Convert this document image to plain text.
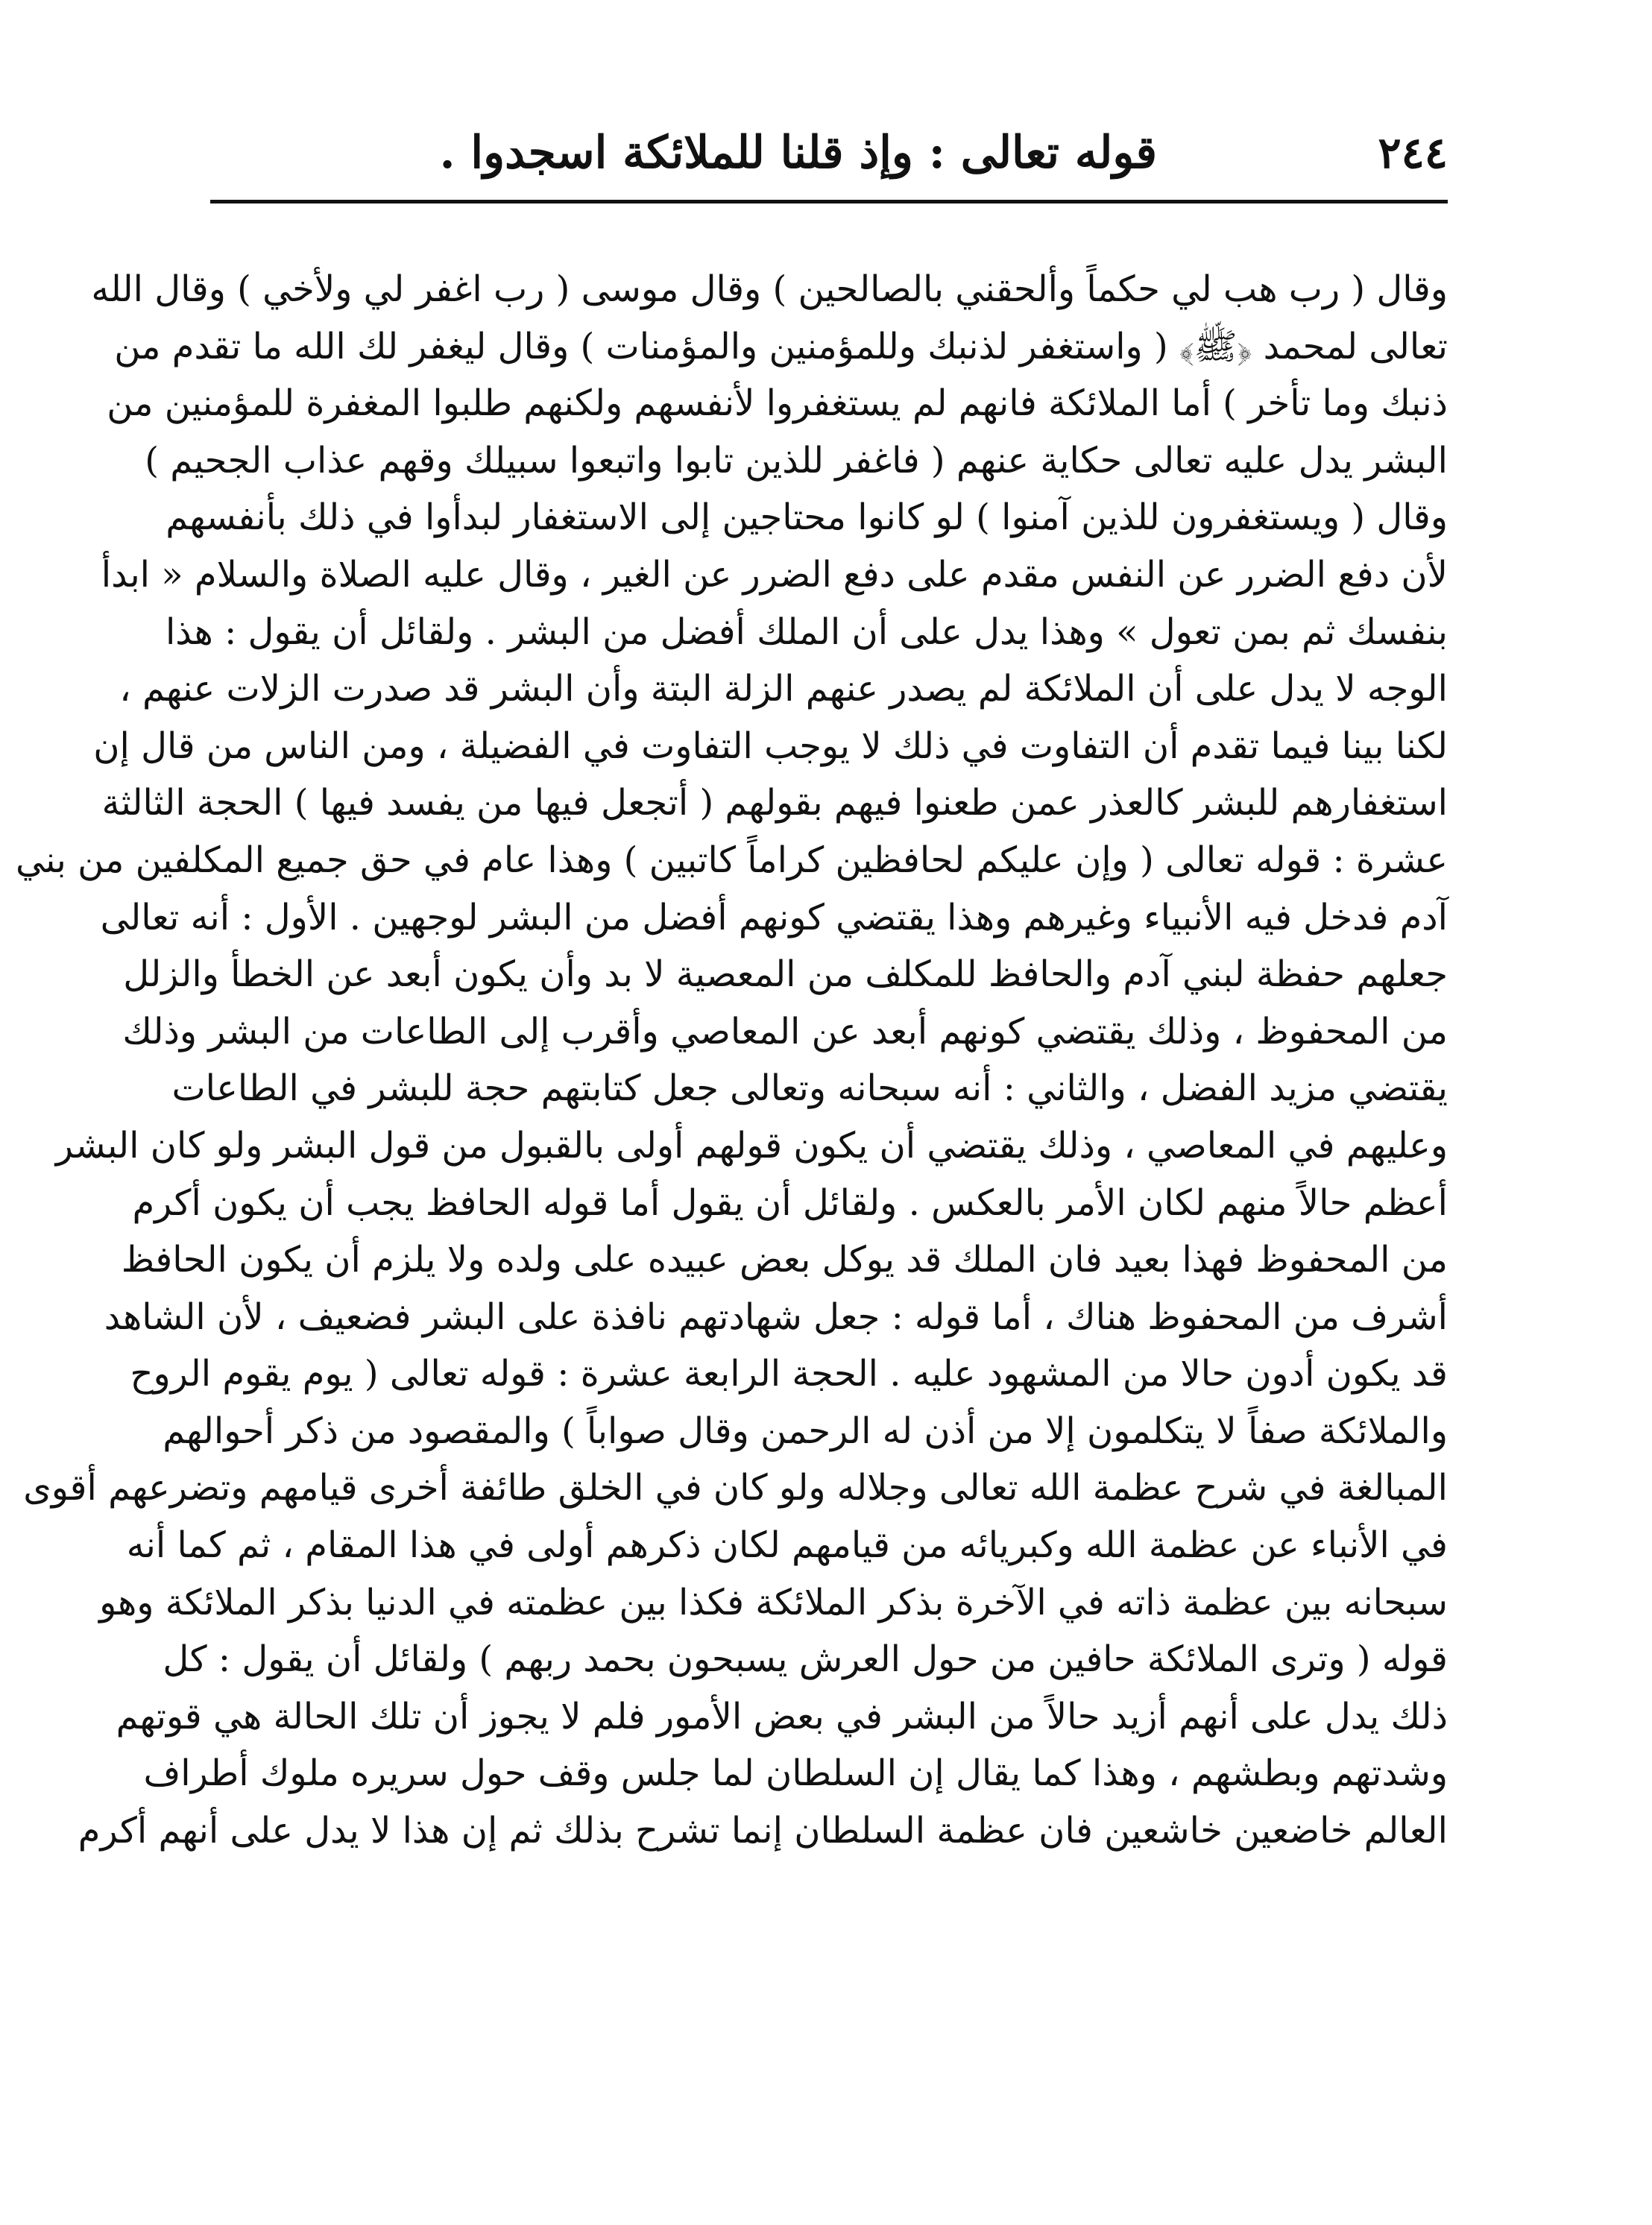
٢٤٤
قوله تعالى : وإذ قلنا للملائكة اسجدوا .
وقال ( رب هب لي حكماً وألحقني بالصالحين ) وقال موسى ( رب اغفر لي ولأخي ) وقال الله
تعالى لمحمد ﴿ﷺ﴾ ( واستغفر لذنبك وللمؤمنين والمؤمنات ) وقال ليغفر لك الله ما تقدم من
ذنبك وما تأخر ) أما الملائكة فانهم لم يستغفروا لأنفسهم ولكنهم طلبوا المغفرة للمؤمنين من
البشر يدل عليه تعالى حكاية عنهم ( فاغفر للذين تابوا واتبعوا سبيلك وقهم عذاب الجحيم )
وقال ( ويستغفرون للذين آمنوا ) لو كانوا محتاجين إلى الاستغفار لبدأوا في ذلك بأنفسهم
لأن دفع الضرر عن النفس مقدم على دفع الضرر عن الغير ، وقال عليه الصلاة والسلام « ابدأ
بنفسك ثم بمن تعول » وهذا يدل على أن الملك أفضل من البشر . ولقائل أن يقول : هذا
الوجه لا يدل على أن الملائكة لم يصدر عنهم الزلة البتة وأن البشر قد صدرت الزلات عنهم ،
لكنا بينا فيما تقدم أن التفاوت في ذلك لا يوجب التفاوت في الفضيلة ، ومن الناس من قال إن
استغفارهم للبشر كالعذر عمن طعنوا فيهم بقولهم ( أتجعل فيها من يفسد فيها ) الحجة الثالثة
عشرة : قوله تعالى ( وإن عليكم لحافظين كراماً كاتبين ) وهذا عام في حق جميع المكلفين من بني
آدم فدخل فيه الأنبياء وغيرهم وهذا يقتضي كونهم أفضل من البشر لوجهين . الأول : أنه تعالى
جعلهم حفظة لبني آدم والحافظ للمكلف من المعصية لا بد وأن يكون أبعد عن الخطأ والزلل
من المحفوظ ، وذلك يقتضي كونهم أبعد عن المعاصي وأقرب إلى الطاعات من البشر وذلك
يقتضي مزيد الفضل ، والثاني : أنه سبحانه وتعالى جعل كتابتهم حجة للبشر في الطاعات
وعليهم في المعاصي ، وذلك يقتضي أن يكون قولهم أولى بالقبول من قول البشر ولو كان البشر
أعظم حالاً منهم لكان الأمر بالعكس . ولقائل أن يقول أما قوله الحافظ يجب أن يكون أكرم
من المحفوظ فهذا بعيد فان الملك قد يوكل بعض عبيده على ولده ولا يلزم أن يكون الحافظ
أشرف من المحفوظ هناك ، أما قوله : جعل شهادتهم نافذة على البشر فضعيف ، لأن الشاهد
قد يكون أدون حالا من المشهود عليه . الحجة الرابعة عشرة : قوله تعالى ( يوم يقوم الروح
والملائكة صفاً لا يتكلمون إلا من أذن له الرحمن وقال صواباً ) والمقصود من ذكر أحوالهم
المبالغة في شرح عظمة الله تعالى وجلاله ولو كان في الخلق طائفة أخرى قيامهم وتضرعهم أقوى
في الأنباء عن عظمة الله وكبريائه من قيامهم لكان ذكرهم أولى في هذا المقام ، ثم كما أنه
سبحانه بين عظمة ذاته في الآخرة بذكر الملائكة فكذا بين عظمته في الدنيا بذكر الملائكة وهو
قوله ( وترى الملائكة حافين من حول العرش يسبحون بحمد ربهم ) ولقائل أن يقول : كل
ذلك يدل على أنهم أزيد حالاً من البشر في بعض الأمور فلم لا يجوز أن تلك الحالة هي قوتهم
وشدتهم وبطشهم ، وهذا كما يقال إن السلطان لما جلس وقف حول سريره ملوك أطراف
العالم خاضعين خاشعين فان عظمة السلطان إنما تشرح بذلك ثم إن هذا لا يدل على أنهم أكرم
